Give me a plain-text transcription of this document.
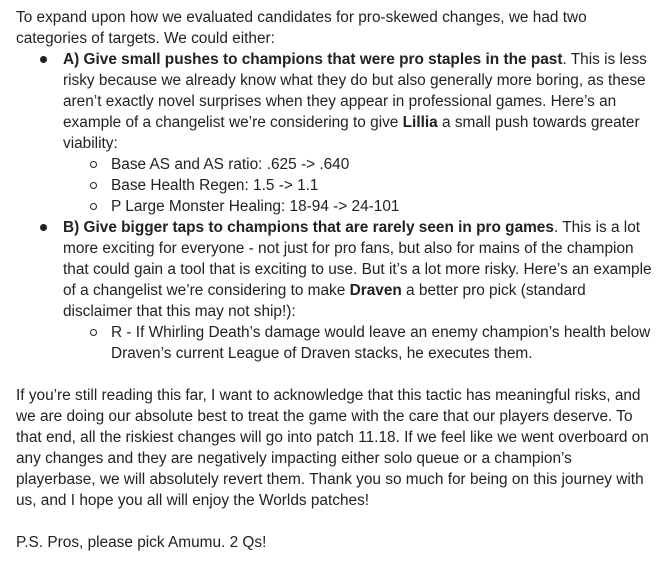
To expand upon how we evaluated candidates for pro-skewed changes, we had two categories of targets. We could either:

A) Give small pushes to champions that were pro staples in the past. This is less risky because we already know what they do but also generally more boring, as these aren’t exactly novel surprises when they appear in professional games. Here’s an example of a changelist we’re considering to give Lillia a small push towards greater viability:
Base AS and AS ratio: .625 -> .640
Base Health Regen: 1.5 -> 1.1
P Large Monster Healing: 18-94 -> 24-101
B) Give bigger taps to champions that are rarely seen in pro games. This is a lot more exciting for everyone - not just for pro fans, but also for mains of the champion that could gain a tool that is exciting to use. But it’s a lot more risky. Here’s an example of a changelist we’re considering to make Draven a better pro pick (standard disclaimer that this may not ship!):
R - If Whirling Death’s damage would leave an enemy champion’s health below Draven’s current League of Draven stacks, he executes them.

If you’re still reading this far, I want to acknowledge that this tactic has meaningful risks, and we are doing our absolute best to treat the game with the care that our players deserve. To that end, all the riskiest changes will go into patch 11.18. If we feel like we went overboard on any changes and they are negatively impacting either solo queue or a champion’s playerbase, we will absolutely revert them. Thank you so much for being on this journey with us, and I hope you all will enjoy the Worlds patches!

P.S. Pros, please pick Amumu. 2 Qs!
